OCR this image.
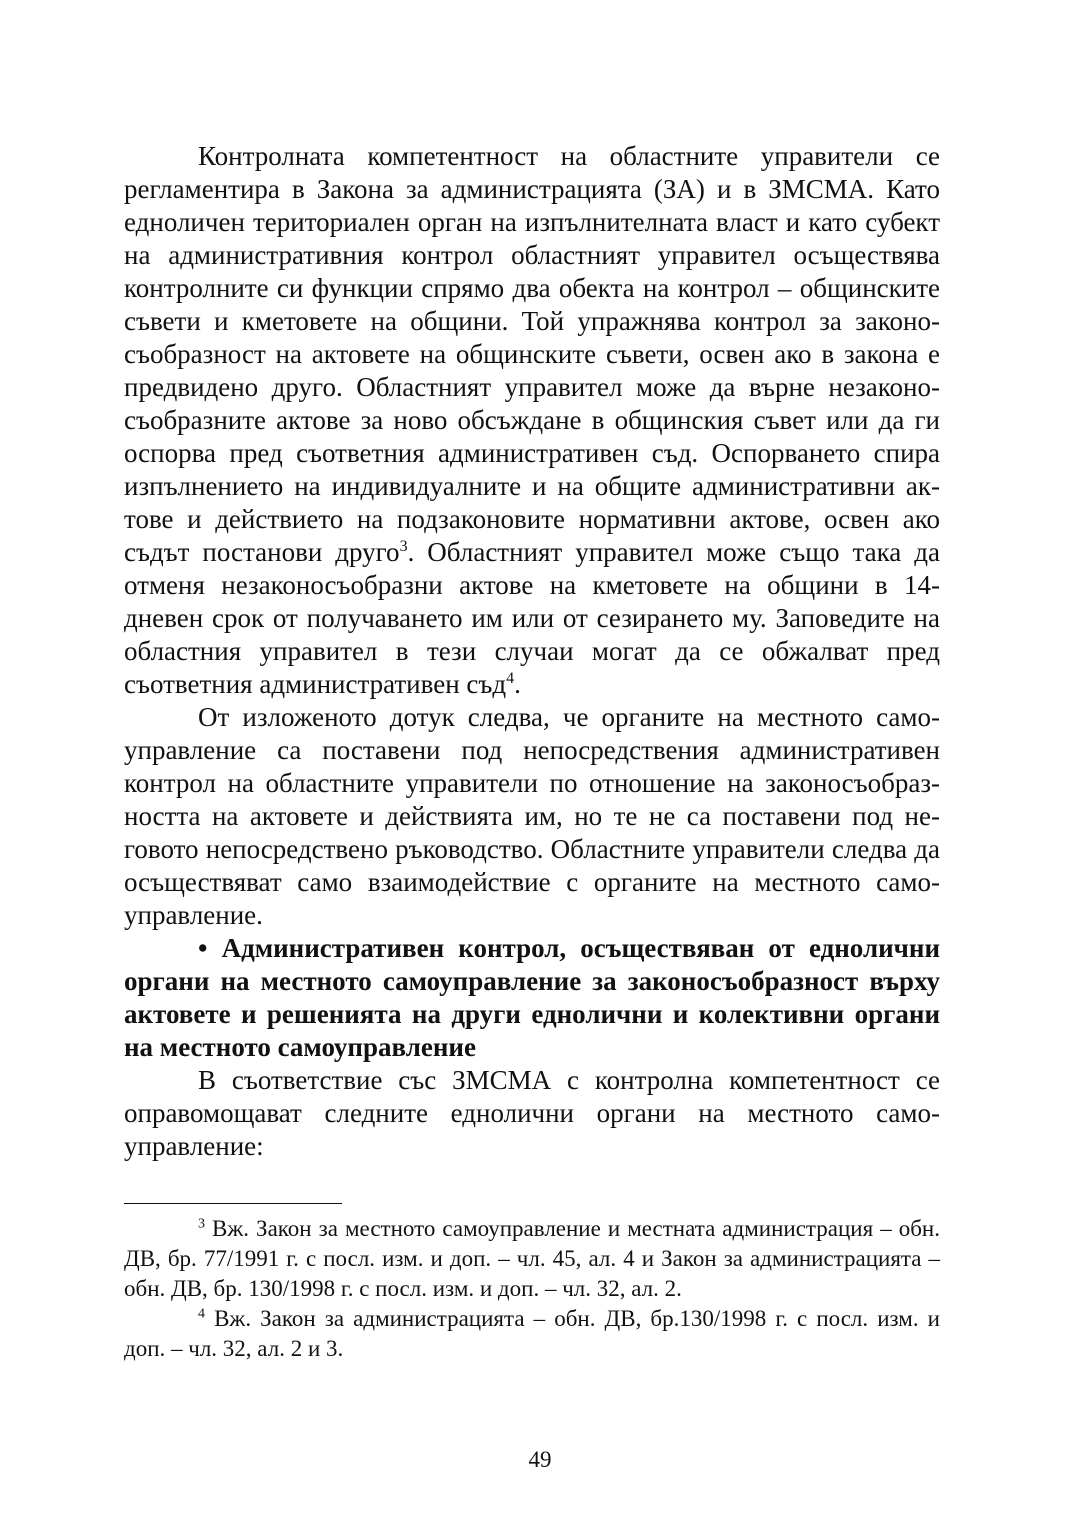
Контролната компетентност на областните управители се регламентира в Закона за администрацията (ЗА) и в ЗМСМА. Като едноличен териториален орган на изпълнителната власт и като субект на административния контрол областният управител осъществява контролните си функции спрямо два обекта на контрол – общинските съвети и кметовете на общини. Той упражнява контрол за законосъобразност на актовете на общинските съвети, освен ако в закона е предвидено друго. Областният управител може да върне незаконосъобразните актове за ново обсъждане в общинския съвет или да ги оспорва пред съответния административен съд. Оспорването спира изпълнението на индивидуалните и на общите административни актове и действието на подзаконовите нормативни актове, освен ако съдът постанови друго$^3$. Областният управител може също така да отменя незаконосъобразни актове на кметовете на общини в 14-дневен срок от получаването им или от сезирането му. Заповедите на областния управител в тези случаи могат да се обжалват пред съответния административен съд$^4$.

От изложеното дотук следва, че органите на местното самоуправление са поставени под непосредствения административен контрол на областните управители по отношение на законосъобразността на актовете и действията им, но те не са поставени под неговото непосредствено ръководство. Областните управители следва да осъществяват само взаимодействие с органите на местното самоуправление.

• Административен контрол, осъществяван от еднолични органи на местното самоуправление за законосъобразност върху актовете и решенията на други еднолични и колективни органи на местното самоуправление

В съответствие със ЗМСМА с контролна компетентност се оправомощават следните еднолични органи на местното самоуправление:

$^3$ Вж. Закон за местното самоуправление и местната администрация – обн. ДВ, бр. 77/1991 г. с посл. изм. и доп. – чл. 45, ал. 4 и Закон за администрацията – обн. ДВ, бр. 130/1998 г. с посл. изм. и доп. – чл. 32, ал. 2.

$^4$ Вж. Закон за администрацията – обн. ДВ, бр.130/1998 г. с посл. изм. и доп. – чл. 32, ал. 2 и 3.

49
